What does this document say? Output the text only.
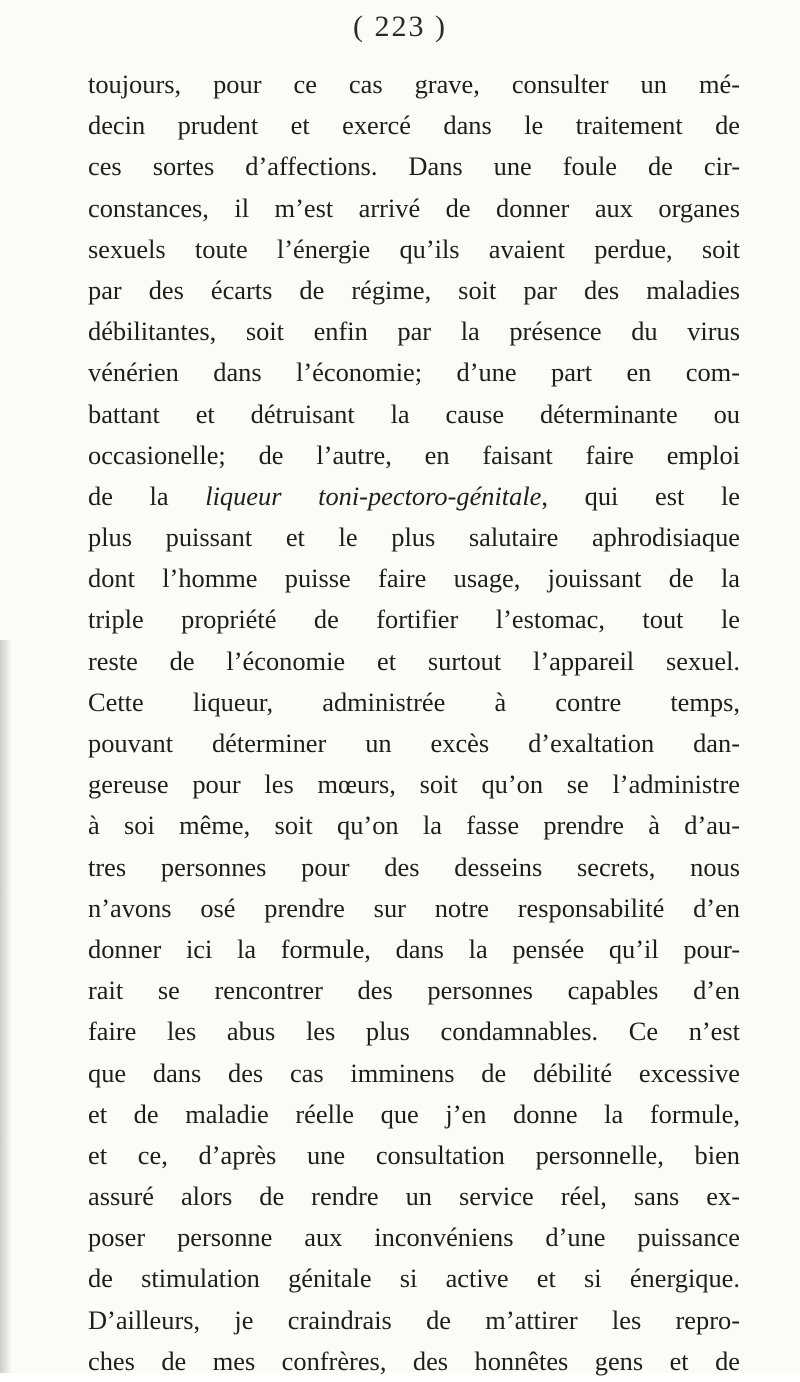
( 223 )
toujours, pour ce cas grave, consulter un mé-
decin prudent et exercé dans le traitement de
ces sortes d’affections. Dans une foule de cir-
constances, il m’est arrivé de donner aux organes
sexuels toute l’énergie qu’ils avaient perdue, soit
par des écarts de régime, soit par des maladies
débilitantes, soit enfin par la présence du virus
vénérien dans l’économie; d’une part en com-
battant et détruisant la cause déterminante ou
occasionelle; de l’autre, en faisant faire emploi
de la liqueur toni-pectoro-génitale, qui est le
plus puissant et le plus salutaire aphrodisiaque
dont l’homme puisse faire usage, jouissant de la
triple propriété de fortifier l’estomac, tout le
reste de l’économie et surtout l’appareil sexuel.
Cette liqueur, administrée à contre temps,
pouvant déterminer un excès d’exaltation dan-
gereuse pour les mœurs, soit qu’on se l’administre
à soi même, soit qu’on la fasse prendre à d’au-
tres personnes pour des desseins secrets, nous
n’avons osé prendre sur notre responsabilité d’en
donner ici la formule, dans la pensée qu’il pour-
rait se rencontrer des personnes capables d’en
faire les abus les plus condamnables. Ce n’est
que dans des cas imminens de débilité excessive
et de maladie réelle que j’en donne la formule,
et ce, d’après une consultation personnelle, bien
assuré alors de rendre un service réel, sans ex-
poser personne aux inconvéniens d’une puissance
de stimulation génitale si active et si énergique.
D’ailleurs, je craindrais de m’attirer les repro-
ches de mes confrères, des honnêtes gens et de
